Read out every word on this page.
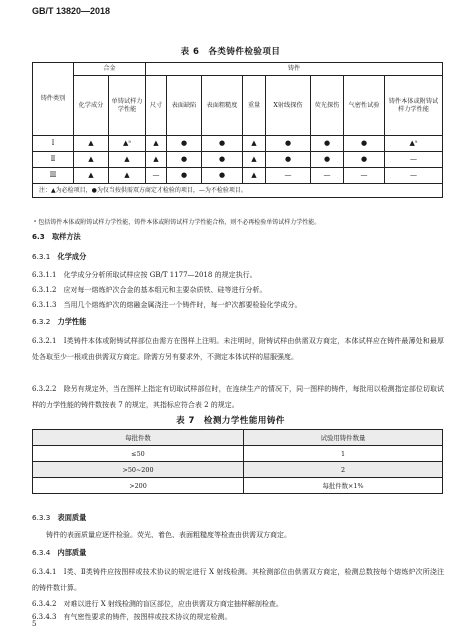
GB/T 13820—2018
表 6　各类铸件检验项目
铸件类别	合金		铸件							
	化学成分	单铸试样力学性能	尺寸	表面缺陷	表面粗糙度	重量	X射线探伤	荧光探伤	气密性试验	铸件本体或附铸试样力学性能
Ⅰ	▲	▲ᵃ	▲	●	●	▲	●	●	●	▲ᵃ
Ⅱ	▲	▲	▲	●	●	▲	●	●	●	—
Ⅲ	▲	▲	—	●	●	▲	—	—	—	—
注：▲为必检项目，●为仅当按供需双方商定才检验的项目，—为不检验项目。										
ᵃ 包括铸件本体或附铸试样力学性能，铸件本体或附铸试样力学性能合格，则不必再检验单铸试样力学性能。
6.3　 取样方法
6.3.1　 化学成分
6.3.1.1　 化学成分分析所取试样应按 GB/T 1177—2018 的规定执行。
6.3.1.2　 应对每一熔炼炉次合金的基本组元和主要杂质铁、硅等进行分析。
6.3.1.3　 当用几个熔炼炉次的熔融金属浇注一个铸件时，每一炉次都要检验化学成分。
6.3.2　 力学性能
6.3.2.1　 Ⅰ类铸件本体或附铸试样部位由需方在图样上注明。未注明时，附铸试样由供需双方商定，本体试样应在铸件最薄处和最厚处各取至少一根或由供需双方商定。除需方另有要求外，不测定本体试样的屈服强度。
6.3.2.2　 除另有规定外，当在图样上指定有切取试样部位时，在连续生产的情况下，同一图样的铸件，每批用以检测指定部位切取试样的力学性能的铸件数按表 7 的规定，其指标应符合表 2 的规定。
表 7　检测力学性能用铸件
每批件数	试验用铸件数量
≤50	1
>50~200	2
>200	每批件数×1%
6.3.3　 表面质量
铸件的表面质量应逐件检验。荧光、着色、表面粗糙度等检查由供需双方商定。
6.3.4　 内部质量
6.3.4.1　 Ⅰ类、Ⅱ类铸件应按图样或技术协议的规定进行 X 射线检测。其检测部位由供需双方商定，检测总数按每个熔炼炉次所浇注的铸件数计算。
6.3.4.2　 对难以进行 X 射线检测的盲区部位，应由供需双方商定抽样解剖检查。
6.3.4.3　 有气密性要求的铸件，按图样或技术协议的规定检测。
5
